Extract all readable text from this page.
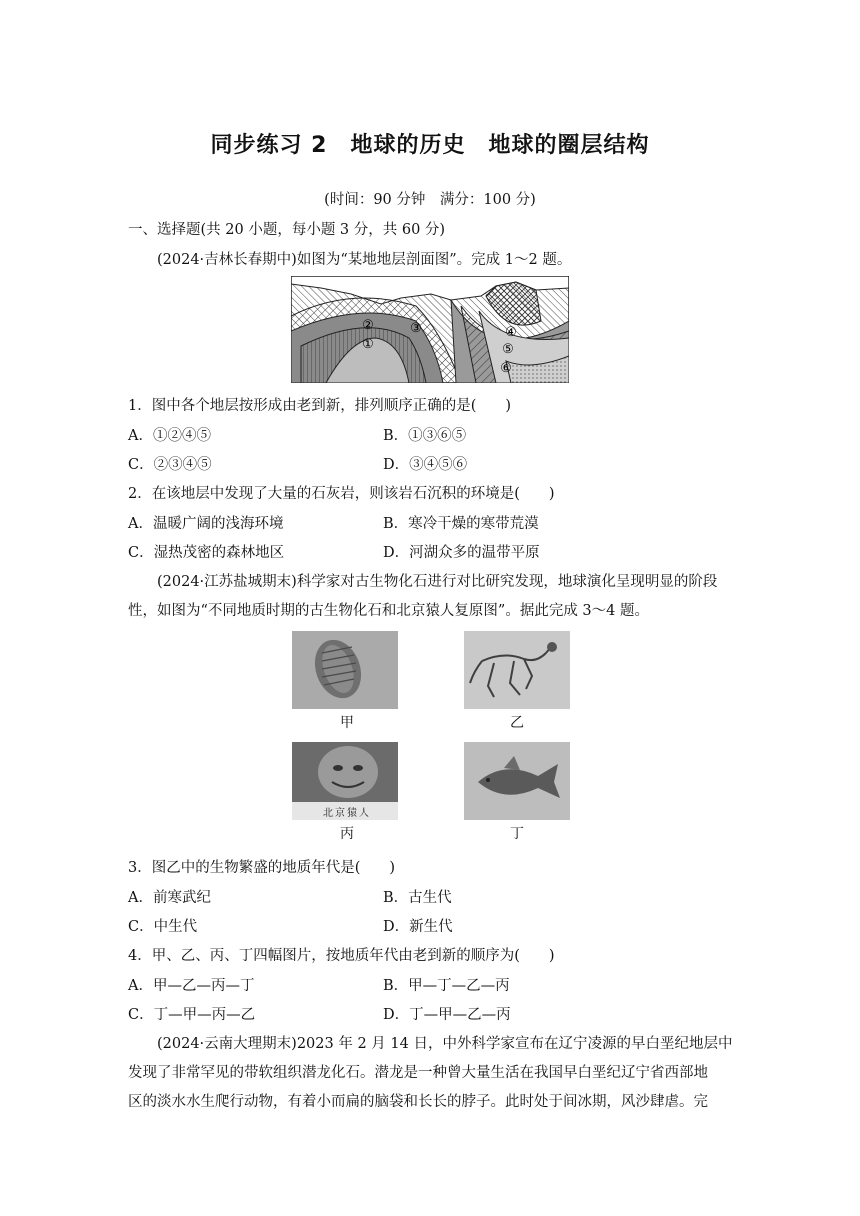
同步练习 2　地球的历史　地球的圈层结构
(时间：90 分钟　满分：100 分)
一、选择题(共 20 小题，每小题 3 分，共 60 分)
(2024·吉林长春期中)如图为“某地地层剖面图”。完成 1～2 题。
②
①
③	④
⑤
⑥
1．图中各个地层按形成由老到新，排列顺序正确的是(　　)
A．①②④⑤	B．①③⑥⑤
C．②③④⑤	D．③④⑤⑥
2．在该地层中发现了大量的石灰岩，则该岩石沉积的环境是(　　)
A．温暖广阔的浅海环境	B．寒冷干燥的寒带荒漠
C．湿热茂密的森林地区	D．河湖众多的温带平原
(2024·江苏盐城期末)科学家对古生物化石进行对比研究发现，地球演化呈现明显的阶段
性，如图为“不同地质时期的古生物化石和北京猿人复原图”。据此完成 3～4 题。
甲	乙
北京猿人
丙	丁
3．图乙中的生物繁盛的地质年代是(　　)
A．前寒武纪	B．古生代
C．中生代	D．新生代
4．甲、乙、丙、丁四幅图片，按地质年代由老到新的顺序为(　　)
A．甲—乙—丙—丁	B．甲—丁—乙—丙
C．丁—甲—丙—乙	D．丁—甲—乙—丙
(2024·云南大理期末)2023 年 2 月 14 日，中外科学家宣布在辽宁凌源的早白垩纪地层中
发现了非常罕见的带软组织潜龙化石。潜龙是一种曾大量生活在我国早白垩纪辽宁省西部地
区的淡水水生爬行动物，有着小而扁的脑袋和长长的脖子。此时处于间冰期，风沙肆虐。完
